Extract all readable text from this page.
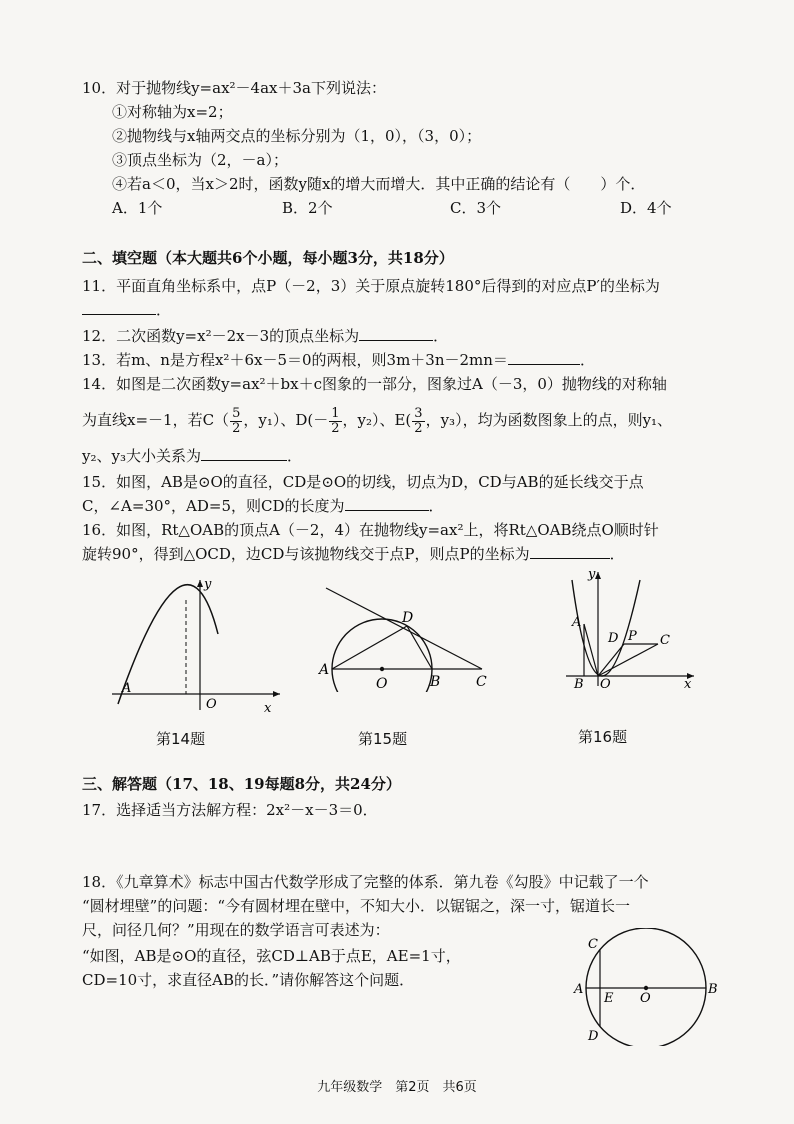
10．对于抛物线y=ax²－4ax＋3a下列说法：
①对称轴为x=2；
②抛物线与x轴两交点的坐标分别为（1，0），（3，0）；
③顶点坐标为（2，－a）；
④若a＜0，当x＞2时，函数y随x的增大而增大．其中正确的结论有（　　）个．
A．1个	B．2个	C．3个	D．4个
二、填空题（本大题共6个小题，每小题3分，共18分）
11．平面直角坐标系中，点P（－2，3）关于原点旋转180°后得到的对应点P′的坐标为
．
12．二次函数y=x²－2x－3的顶点坐标为	．
13．若m、n是方程x²＋6x－5＝0的两根，则3m＋3n－2mn＝	．
14．如图是二次函数y=ax²＋bx＋c图象的一部分，图象过A（－3，0）抛物线的对称轴
为直线x=－1，若$C( \frac{5}{2}$ ，y₁）、$D(- \frac{1}{2}$ ，y₂）、$E( \frac{3}{2}$ ，y₃），均为函数图象上的点，则y₁、
y₂、y₃大小关系为	．
15．如图，AB是⊙O的直径，CD是⊙O的切线，切点为D，CD与AB的延长线交于点
C，∠A=30°，AD=5，则CD的长度为	．
16．如图，Rt△OAB的顶点A（－2，4）在抛物线y=ax²上，将Rt△OAB绕点O顺时针
旋转90°，得到△OCD，边CD与该抛物线交于点P，则点P的坐标为	．
A
O	x
y
第14题
A
O	B	C
D
第15题
A
B O
C
D P
x
y
第16题
三、解答题（17、18、19每题8分，共24分）
17．选择适当方法解方程：2x²－x－3＝0．
18．《九章算术》标志中国古代数学形成了完整的体系．第九卷《勾股》中记载了一个
“圆材埋壁”的问题：“今有圆材埋在壁中，不知大小．以锯锯之，深一寸，锯道长一
尺，问径几何？”用现在的数学语言可表述为：
“如图，AB是⊙O的直径，弦CD⊥AB于点E，AE=1寸，
CD=10寸，求直径AB的长．”请你解答这个问题．
A	B
C
D
E O
九年级数学　第2页　共6页
